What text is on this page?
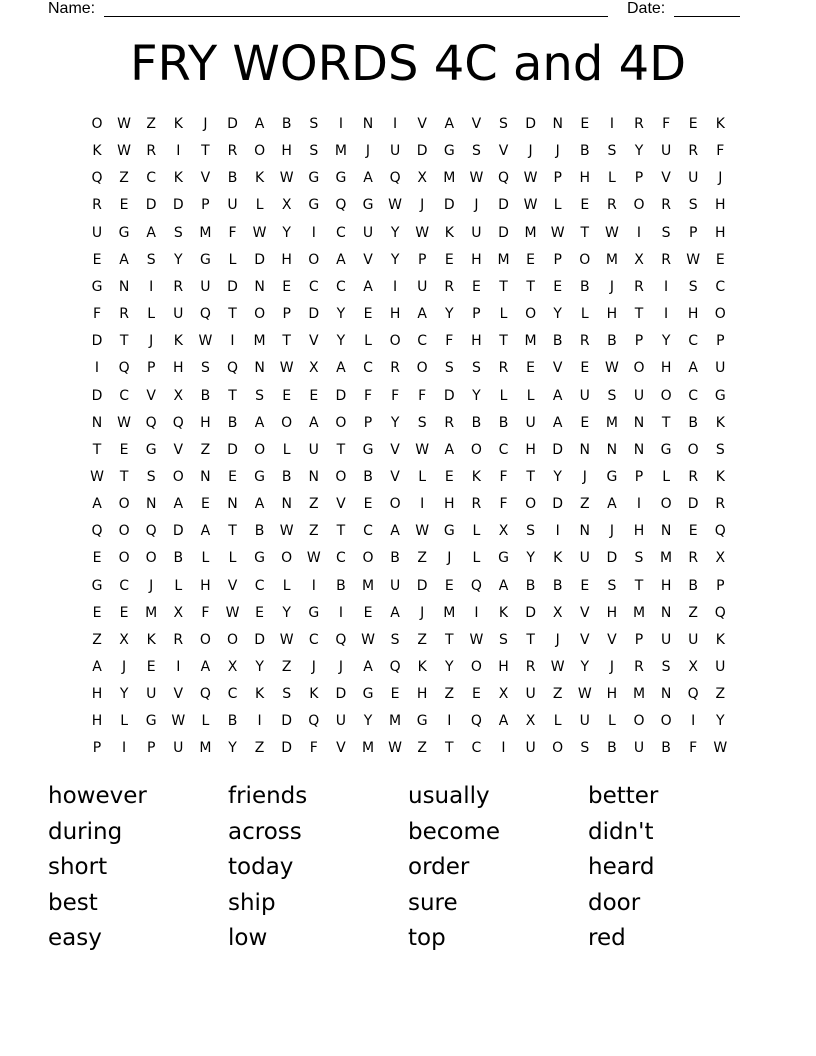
Name:	Date:
FRY WORDS 4C and 4D
O	W	Z	K	J	D	A	B	S	I	N	I	V	A	V	S	D	N	E	I	R	F	E	K
K	W	R	I	T	R	O	H	S	M	J	U	D	G	S	V	J	J	B	S	Y	U	R	F
Q	Z	C	K	V	B	K	W	G	G	A	Q	X	M	W	Q	W	P	H	L	P	V	U	J
R	E	D	D	P	U	L	X	G	Q	G	W	J	D	J	D	W	L	E	R	O	R	S	H
U	G	A	S	M	F	W	Y	I	C	U	Y	W	K	U	D	M	W	T	W	I	S	P	H
E	A	S	Y	G	L	D	H	O	A	V	Y	P	E	H	M	E	P	O	M	X	R	W	E
G	N	I	R	U	D	N	E	C	C	A	I	U	R	E	T	T	E	B	J	R	I	S	C
F	R	L	U	Q	T	O	P	D	Y	E	H	A	Y	P	L	O	Y	L	H	T	I	H	O
D	T	J	K	W	I	M	T	V	Y	L	O	C	F	H	T	M	B	R	B	P	Y	C	P
I	Q	P	H	S	Q	N	W	X	A	C	R	O	S	S	R	E	V	E	W	O	H	A	U
D	C	V	X	B	T	S	E	E	D	F	F	F	D	Y	L	L	A	U	S	U	O	C	G
N	W	Q	Q	H	B	A	O	A	O	P	Y	S	R	B	B	U	A	E	M	N	T	B	K
T	E	G	V	Z	D	O	L	U	T	G	V	W	A	O	C	H	D	N	N	N	G	O	S
W	T	S	O	N	E	G	B	N	O	B	V	L	E	K	F	T	Y	J	G	P	L	R	K
A	O	N	A	E	N	A	N	Z	V	E	O	I	H	R	F	O	D	Z	A	I	O	D	R
Q	O	Q	D	A	T	B	W	Z	T	C	A	W	G	L	X	S	I	N	J	H	N	E	Q
E	O	O	B	L	L	G	O	W	C	O	B	Z	J	L	G	Y	K	U	D	S	M	R	X
G	C	J	L	H	V	C	L	I	B	M	U	D	E	Q	A	B	B	E	S	T	H	B	P
E	E	M	X	F	W	E	Y	G	I	E	A	J	M	I	K	D	X	V	H	M	N	Z	Q
Z	X	K	R	O	O	D	W	C	Q	W	S	Z	T	W	S	T	J	V	V	P	U	U	K
A	J	E	I	A	X	Y	Z	J	J	A	Q	K	Y	O	H	R	W	Y	J	R	S	X	U
H	Y	U	V	Q	C	K	S	K	D	G	E	H	Z	E	X	U	Z	W	H	M	N	Q	Z
H	L	G	W	L	B	I	D	Q	U	Y	M	G	I	Q	A	X	L	U	L	O	O	I	Y
P	I	P	U	M	Y	Z	D	F	V	M	W	Z	T	C	I	U	O	S	B	U	B	F	W
however
during
short
best
easy
friends
across
today
ship
low
usually
become
order
sure
top
better
didn't
heard
door
red
